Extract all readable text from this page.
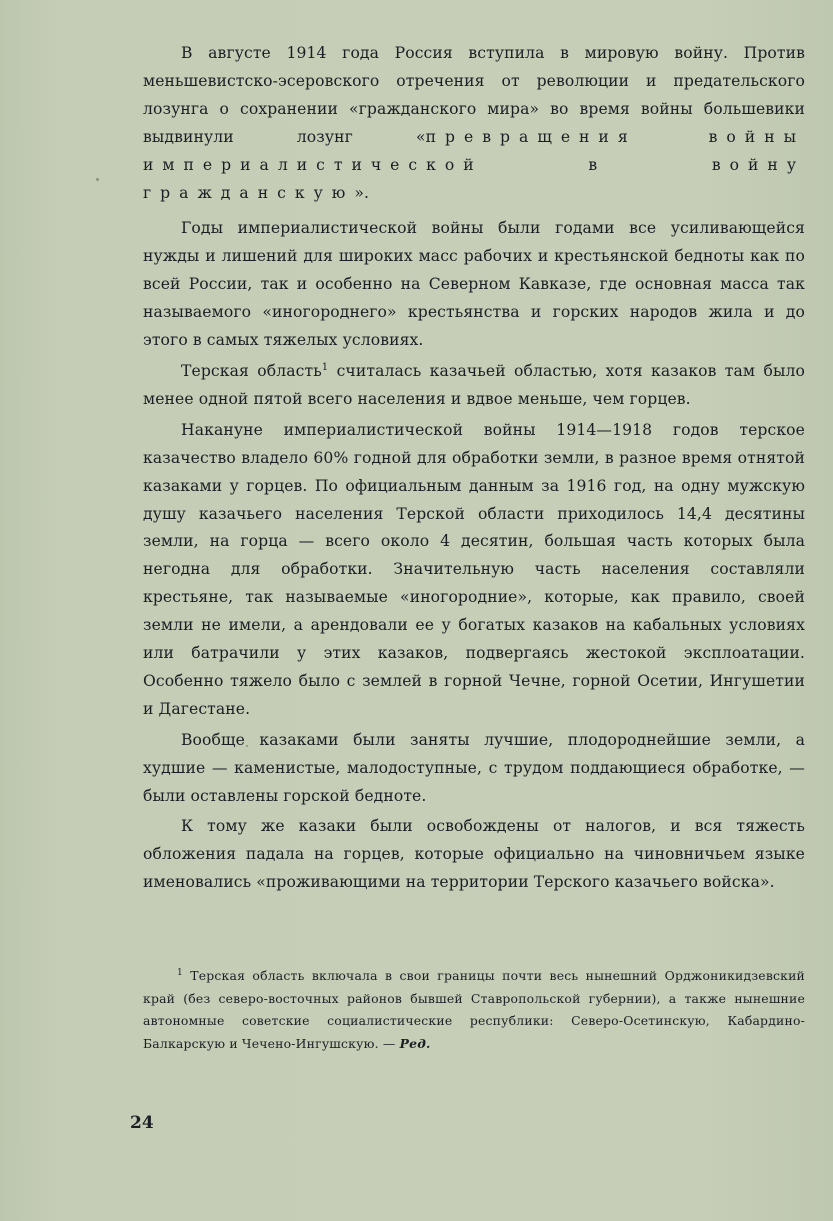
В августе 1914 года Россия вступила в мировую войну. Против меньшевистско-эсеровского отречения от революции и предательского лозунга о сохранении «гражданского мира» во время войны большевики выдвинули лозунг «превращения войны империалистической в войну гражданскую».

Годы империалистической войны были годами все усиливающейся нужды и лишений для широких масс рабочих и крестьянской бедноты как по всей России, так и особенно на Северном Кавказе, где основная масса так называемого «иногороднего» крестьянства и горских народов жила и до этого в самых тяжелых условиях.

Терская область$^1$ считалась казачьей областью, хотя казаков там было менее одной пятой всего населения и вдвое меньше, чем горцев.

Накануне империалистической войны 1914—1918 годов терское казачество владело 60% годной для обработки земли, в разное время отнятой казаками у горцев. По официальным данным за 1916 год, на одну мужскую душу казачьего населения Терской области приходилось 14,4 десятины земли, на горца — всего около 4 десятин, большая часть которых была негодна для обработки. Значительную часть населения составляли крестьяне, так называемые «иногородние», которые, как правило, своей земли не имели, а арендовали ее у богатых казаков на кабальных условиях или батрачили у этих казаков, подвергаясь жестокой эксплоатации. Особенно тяжело было с землей в горной Чечне, горной Осетии, Ингушетии и Дагестане.

Вообще казаками были заняты лучшие, плодороднейшие земли, а худшие — каменистые, малодоступные, с трудом поддающиеся обработке, — были оставлены горской бедноте.

К тому же казаки были освобождены от налогов, и вся тяжесть обложения падала на горцев, которые официально на чиновничьем языке именовались «проживающими на территории Терского казачьего войска».

$^1$ Терская область включала в свои границы почти весь нынешний Орджоникидзевский край (без северо-восточных районов бывшей Ставропольской губернии), а также нынешние автономные советские социалистические республики: Северо-Осетинскую, Кабардино-Балкарскую и Чечено-Ингушскую. — Ред.

24
